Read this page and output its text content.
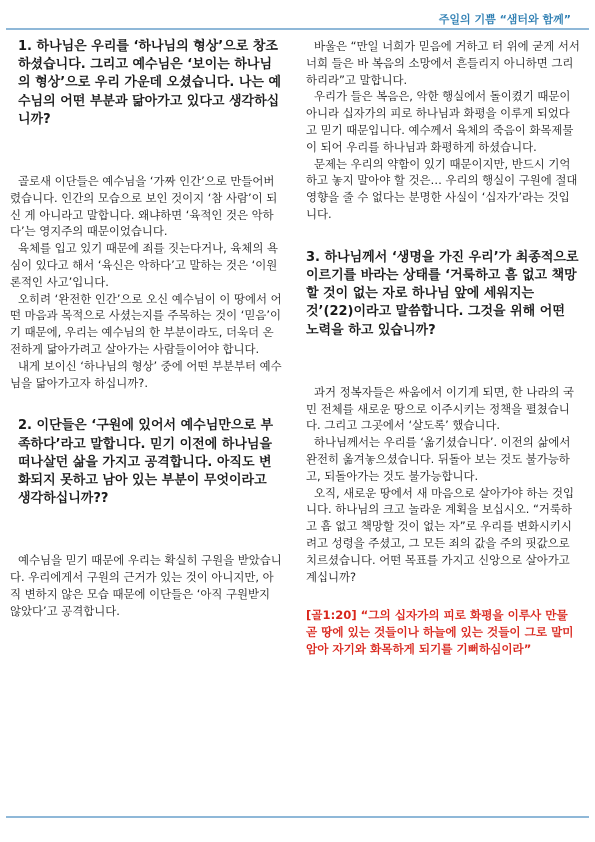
주일의 기쁨 “샘터와 함께”

1. 하나님은 우리를 ‘하나님의 형상’으로 창조하셨습니다. 그리고 예수님은 ‘보이는 하나님의 형상’으로 우리 가운데 오셨습니다. 나는 예수님의 어떤 부분과 닮아가고 있다고 생각하십니까?

골로새 이단들은 예수님을 ‘가짜 인간’으로 만들어버렸습니다. 인간의 모습으로 보인 것이지 ‘참 사람’이 되신 게 아니라고 말합니다. 왜냐하면 ‘육적인 것은 악하다’는 영지주의 때문이었습니다.

육체를 입고 있기 때문에 죄를 짓는다거나, 육체의 욕심이 있다고 해서 ‘육신은 악하다’고 말하는 것은 ‘이원론적인 사고’입니다.

오히려 ‘완전한 인간’으로 오신 예수님이 이 땅에서 어떤 마음과 목적으로 사셨는지를 주목하는 것이 ‘믿음’이기 때문에, 우리는 예수님의 한 부분이라도, 더욱더 온전하게 닮아가려고 살아가는 사람들이어야 합니다.

내게 보이신 ‘하나님의 형상’ 중에 어떤 부분부터 예수님을 닮아가고자 하십니까?.

2. 이단들은 ‘구원에 있어서 예수님만으로 부족하다’라고 말합니다. 믿기 이전에 하나님을 떠나살던 삶을 가지고 공격합니다. 아직도 변화되지 못하고 남아 있는 부분이 무엇이라고 생각하십니까??

예수님을 믿기 때문에 우리는 확실히 구원을 받았습니다. 우리에게서 구원의 근거가 있는 것이 아니지만, 아직 변하지 않은 모습 때문에 이단들은 ‘아직 구원받지 않았다’고 공격합니다.

바울은 “만일 너희가 믿음에 거하고 터 위에 굳게 서서 너희 들은 바 복음의 소망에서 흔들리지 아니하면 그리하리라”고 말합니다.

우리가 들은 복음은, 악한 행실에서 돌이켰기 때문이 아니라 십자가의 피로 하나님과 화평을 이루게 되었다고 믿기 때문입니다. 예수께서 육체의 죽음이 화목제물이 되어 우리를 하나님과 화평하게 하셨습니다.

문제는 우리의 약함이 있기 때문이지만, 반드시 기억하고 놓지 말아야 할 것은… 우리의 행실이 구원에 절대 영향을 줄 수 없다는 분명한 사실이 ‘십자가’라는 것입니다.

3. 하나님께서 ‘생명을 가진 우리’가 최종적으로 이르기를 바라는 상태를 ‘거룩하고 흠 없고 책망할 것이 없는 자로 하나님 앞에 세워지는 것’(22)이라고 말씀합니다. 그것을 위해 어떤 노력을 하고 있습니까?

과거 정복자들은 싸움에서 이기게 되면, 한 나라의 국민 전체를 새로운 땅으로 이주시키는 정책을 펼쳤습니다. 그리고 그곳에서 ‘살도록’ 했습니다.

하나님께서는 우리를 ‘옮기셨습니다’. 이전의 삶에서 완전히 옮겨놓으셨습니다. 뒤돌아 보는 것도 불가능하고, 되돌아가는 것도 불가능합니다.

오직, 새로운 땅에서 새 마음으로 살아가야 하는 것입니다. 하나님의 크고 놀라운 계획을 보십시오. “거룩하고 흠 없고 책망할 것이 없는 자”로 우리를 변화시키시려고 성령을 주셨고, 그 모든 죄의 값을 주의 핏값으로 치르셨습니다. 어떤 목표를 가지고 신앙으로 살아가고 계십니까?

[골1:20] “그의 십자가의 피로 화평을 이루사 만물 곧 땅에 있는 것들이나 하늘에 있는 것들이 그로 말미암아 자기와 화목하게 되기를 기뻐하심이라”
